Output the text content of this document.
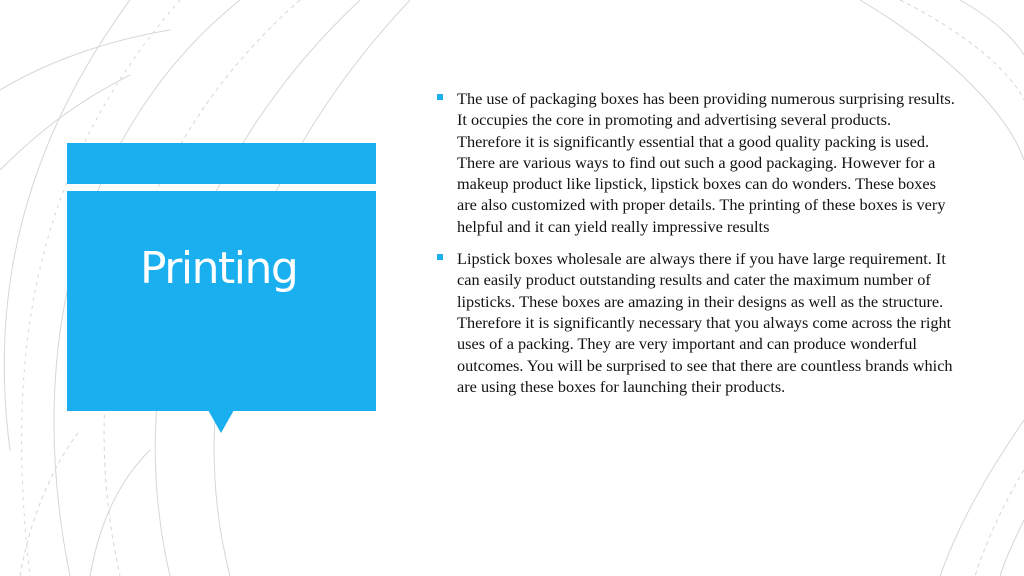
Printing
The use of packaging boxes has been providing numerous surprising results. It occupies the core in promoting and advertising several products. Therefore it is significantly essential that a good quality packing is used. There are various ways to find out such a good packaging. However for a makeup product like lipstick, lipstick boxes can do wonders. These boxes are also customized with proper details. The printing of these boxes is very helpful and it can yield really impressive results
Lipstick boxes wholesale are always there if you have large requirement. It can easily product outstanding results and cater the maximum number of lipsticks. These boxes are amazing in their designs as well as the structure. Therefore it is significantly necessary that you always come across the right uses of a packing. They are very important and can produce wonderful outcomes. You will be surprised to see that there are countless brands which are using these boxes for launching their products.
